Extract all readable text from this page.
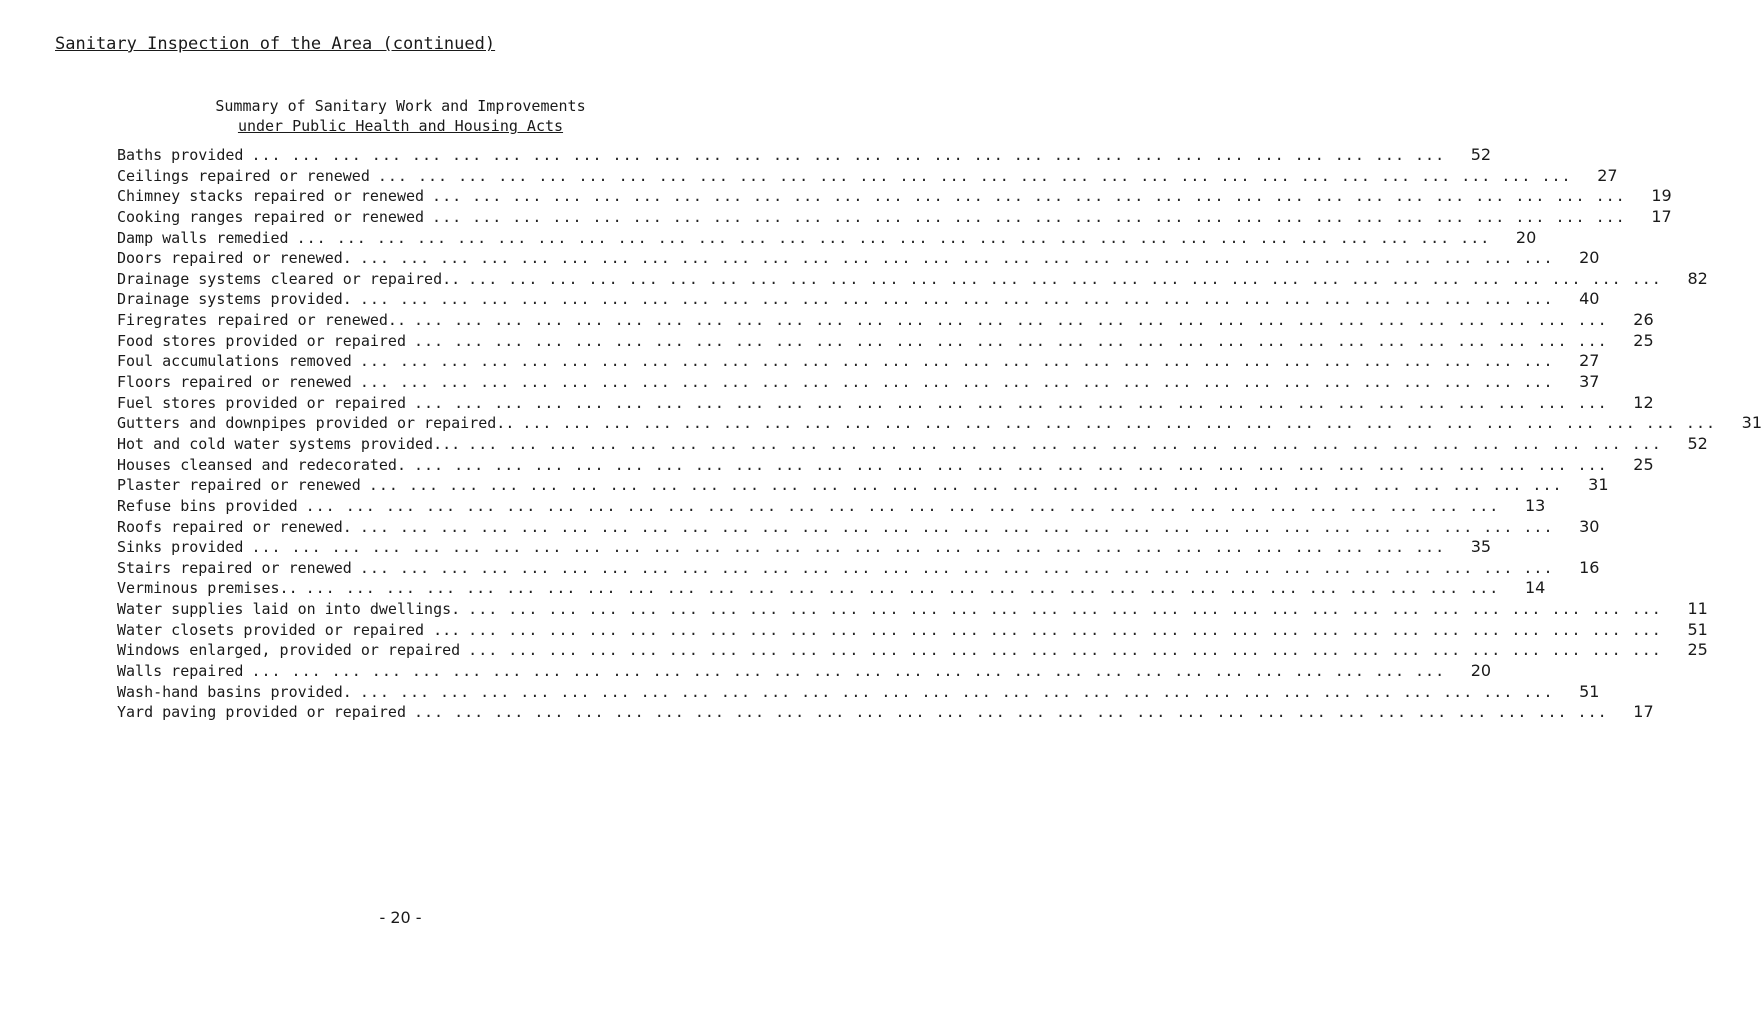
Sanitary Inspection of the Area (continued)
Summary of Sanitary Work and Improvements
under Public Health and Housing Acts
Baths provided ... ... ... ... ... ... ... ... ... ... ... ... ... ... ... ... ... ... ... ... ... ... ... ... ... ... ... ... ... ...	52
Ceilings repaired or renewed ... ... ... ... ... ... ... ... ... ... ... ... ... ... ... ... ... ... ... ... ... ... ... ... ... ... ... ... ... ...	27
Chimney stacks repaired or renewed ... ... ... ... ... ... ... ... ... ... ... ... ... ... ... ... ... ... ... ... ... ... ... ... ... ... ... ... ... ...	19
Cooking ranges repaired or renewed ... ... ... ... ... ... ... ... ... ... ... ... ... ... ... ... ... ... ... ... ... ... ... ... ... ... ... ... ... ...	17
Damp walls remedied ... ... ... ... ... ... ... ... ... ... ... ... ... ... ... ... ... ... ... ... ... ... ... ... ... ... ... ... ... ...	20
Doors repaired or renewed. ... ... ... ... ... ... ... ... ... ... ... ... ... ... ... ... ... ... ... ... ... ... ... ... ... ... ... ... ... ...	20
Drainage systems cleared or repaired.. ... ... ... ... ... ... ... ... ... ... ... ... ... ... ... ... ... ... ... ... ... ... ... ... ... ... ... ... ... ...	82
Drainage systems provided. ... ... ... ... ... ... ... ... ... ... ... ... ... ... ... ... ... ... ... ... ... ... ... ... ... ... ... ... ... ...	40
Firegrates repaired or renewed.. ... ... ... ... ... ... ... ... ... ... ... ... ... ... ... ... ... ... ... ... ... ... ... ... ... ... ... ... ... ...	26
Food stores provided or repaired ... ... ... ... ... ... ... ... ... ... ... ... ... ... ... ... ... ... ... ... ... ... ... ... ... ... ... ... ... ...	25
Foul accumulations removed ... ... ... ... ... ... ... ... ... ... ... ... ... ... ... ... ... ... ... ... ... ... ... ... ... ... ... ... ... ...	27
Floors repaired or renewed ... ... ... ... ... ... ... ... ... ... ... ... ... ... ... ... ... ... ... ... ... ... ... ... ... ... ... ... ... ...	37
Fuel stores provided or repaired ... ... ... ... ... ... ... ... ... ... ... ... ... ... ... ... ... ... ... ... ... ... ... ... ... ... ... ... ... ...	12
Gutters and downpipes provided or repaired.. ... ... ... ... ... ... ... ... ... ... ... ... ... ... ... ... ... ... ... ... ... ... ... ... ... ... ... ... ... ...	31
Hot and cold water systems provided... ... ... ... ... ... ... ... ... ... ... ... ... ... ... ... ... ... ... ... ... ... ... ... ... ... ... ... ... ... ...	52
Houses cleansed and redecorated. ... ... ... ... ... ... ... ... ... ... ... ... ... ... ... ... ... ... ... ... ... ... ... ... ... ... ... ... ... ...	25
Plaster repaired or renewed ... ... ... ... ... ... ... ... ... ... ... ... ... ... ... ... ... ... ... ... ... ... ... ... ... ... ... ... ... ...	31
Refuse bins provided ... ... ... ... ... ... ... ... ... ... ... ... ... ... ... ... ... ... ... ... ... ... ... ... ... ... ... ... ... ...	13
Roofs repaired or renewed. ... ... ... ... ... ... ... ... ... ... ... ... ... ... ... ... ... ... ... ... ... ... ... ... ... ... ... ... ... ...	30
Sinks provided ... ... ... ... ... ... ... ... ... ... ... ... ... ... ... ... ... ... ... ... ... ... ... ... ... ... ... ... ... ...	35
Stairs repaired or renewed ... ... ... ... ... ... ... ... ... ... ... ... ... ... ... ... ... ... ... ... ... ... ... ... ... ... ... ... ... ...	16
Verminous premises.. ... ... ... ... ... ... ... ... ... ... ... ... ... ... ... ... ... ... ... ... ... ... ... ... ... ... ... ... ... ...	14
Water supplies laid on into dwellings. ... ... ... ... ... ... ... ... ... ... ... ... ... ... ... ... ... ... ... ... ... ... ... ... ... ... ... ... ... ...	11
Water closets provided or repaired ... ... ... ... ... ... ... ... ... ... ... ... ... ... ... ... ... ... ... ... ... ... ... ... ... ... ... ... ... ... ...	51
Windows enlarged, provided or repaired ... ... ... ... ... ... ... ... ... ... ... ... ... ... ... ... ... ... ... ... ... ... ... ... ... ... ... ... ... ...	25
Walls repaired ... ... ... ... ... ... ... ... ... ... ... ... ... ... ... ... ... ... ... ... ... ... ... ... ... ... ... ... ... ...	20
Wash-hand basins provided. ... ... ... ... ... ... ... ... ... ... ... ... ... ... ... ... ... ... ... ... ... ... ... ... ... ... ... ... ... ...	51
Yard paving provided or repaired ... ... ... ... ... ... ... ... ... ... ... ... ... ... ... ... ... ... ... ... ... ... ... ... ... ... ... ... ... ...	17
- 20 -
